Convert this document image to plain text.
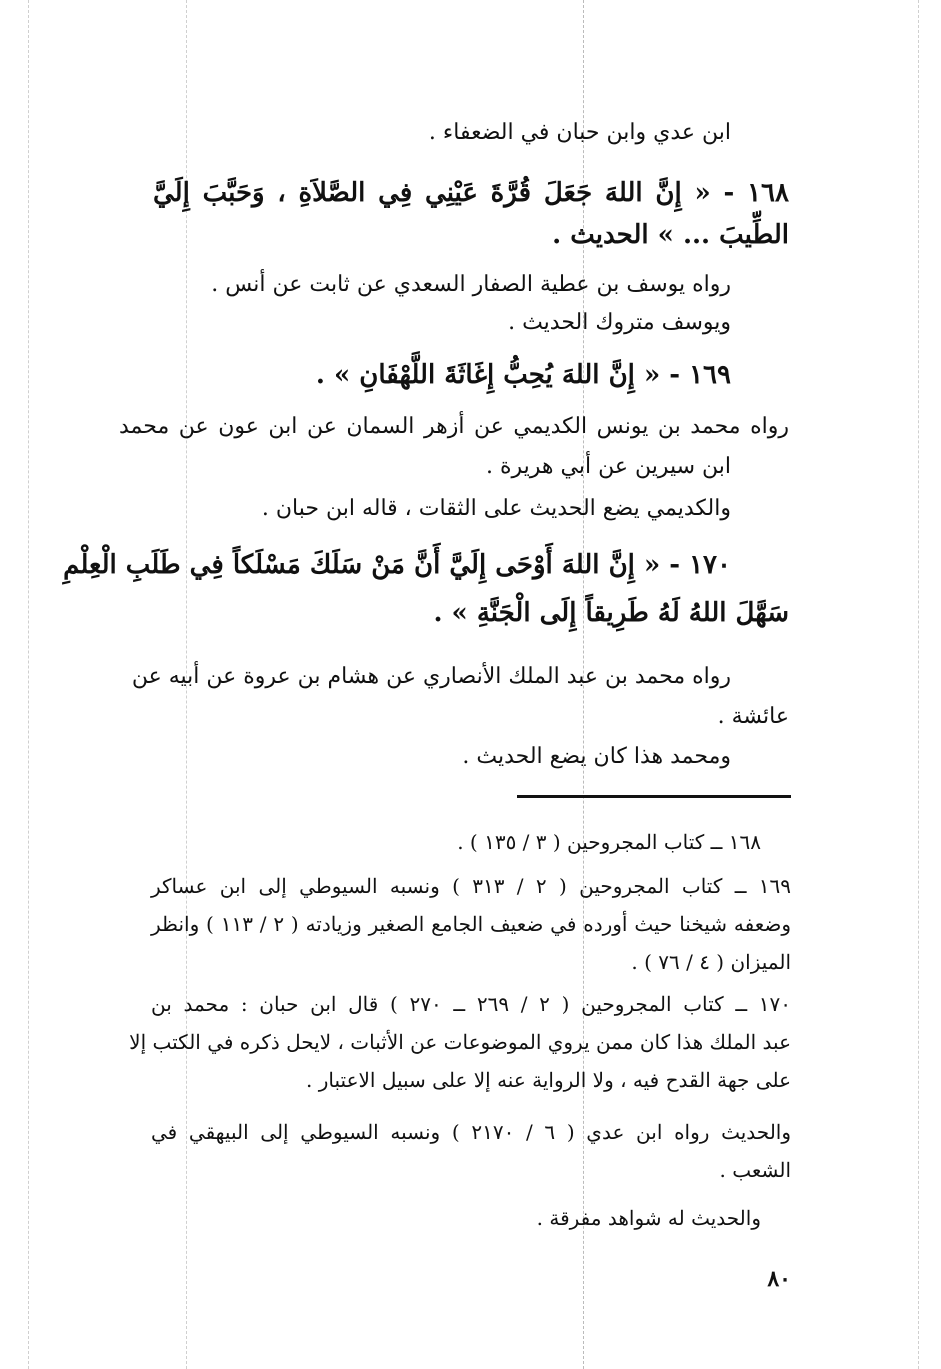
ابن عدي وابن حبان في الضعفاء .
١٦٨ - « إِنَّ اللهَ جَعَلَ قُرَّةَ عَيْنِي فِي الصَّلاَةِ ، وَحَبَّبَ إِلَيَّ
الطِّيبَ ... » الحديث .
رواه يوسف بن عطية الصفار السعدي عن ثابت عن أنس .
ويوسف متروك الحديث .
١٦٩ - « إِنَّ اللهَ يُحِبُّ إِغَاثَةَ اللَّهْفَانِ » .
رواه محمد بن يونس الكديمي عن أزهر السمان عن ابن عون عن محمد
ابن سيرين عن أبي هريرة .
والكديمي يضع الحديث على الثقات ، قاله ابن حبان .
١٧٠ - « إِنَّ اللهَ أَوْحَى إِلَيَّ أَنَّ مَنْ سَلَكَ مَسْلَكاً فِي طَلَبِ الْعِلْمِ
سَهَّلَ اللهُ لَهُ طَرِيقاً إِلَى الْجَنَّةِ » .
رواه محمد بن عبد الملك الأنصاري عن هشام بن عروة عن أبيه عن
عائشة .
ومحمد هذا كان يضع الحديث .
١٦٨ ــ كتاب المجروحين ( ٣ / ١٣٥ ) .
١٦٩ ــ كتاب المجروحين ( ٢ / ٣١٣ ) ونسبه السيوطي إلى ابن عساكر
وضعفه شيخنا حيث أورده في ضعيف الجامع الصغير وزيادته ( ٢ / ١١٣ ) وانظر
الميزان ( ٤ / ٧٦ ) .
١٧٠ ــ كتاب المجروحين ( ٢ / ٢٦٩ ــ ٢٧٠ ) قال ابن حبان : محمد بن
عبد الملك هذا كان ممن يروي الموضوعات عن الأثبات ، لايحل ذكره في الكتب إلا
على جهة القدح فيه ، ولا الرواية عنه إلا على سبيل الاعتبار .
والحديث رواه ابن عدي ( ٦ / ٢١٧٠ ) ونسبه السيوطي إلى البيهقي في
الشعب .
والحديث له شواهد مفرقة .
٨٠
